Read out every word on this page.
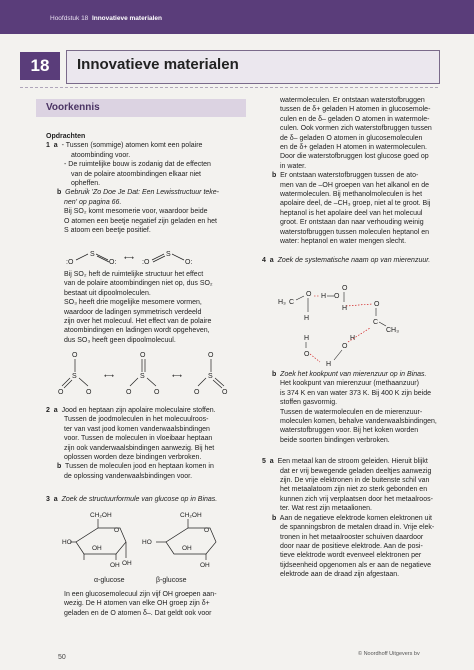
Hoofdstuk 18 Innovatieve materialen
18	Innovatieve materialen
Voorkennis

Opdrachten

1 a - Tussen (sommige) atomen komt een polaire

atoombinding voor.

- De ruimtelijke bouw is zodanig dat de effecten

van de polaire atoombindingen elkaar niet

opheffen.

b Gebruik 'Zo Doe Je Dat: Een Lewisstructuur teke-

nen' op pagina 66.

Bij SO₂ komt mesomerie voor, waardoor beide

O atomen een beetje negatief zijn geladen en het

S atoom een beetje positief.

:O
S
O:
⟷
:O
S
O:

Bij SO₂ heft de ruimtelijke structuur het effect

van de polaire atoombindingen niet op, dus SO₂

bestaat uit dipoolmoleculen.

SO₃ heeft drie mogelijke mesomere vormen,

waardoor de ladingen symmetrisch verdeeld

zijn over het molecuul. Het effect van de polaire

atoombindingen en ladingen wordt opgeheven,

dus SO₃ heeft geen dipoolmolecuul.

O
S
O	O
⟷
O
S
O	O
⟷
O
S
O	O

2 a Jood en heptaan zijn apolaire moleculaire stoffen.

Tussen de joodmoleculen in het molecuulroos-

ter van vast jood komen vanderwaalsbindingen

voor. Tussen de moleculen in vloeibaar heptaan

zijn ook vanderwaalsbindingen aanwezig. Bij het

oplossen worden deze bindingen verbroken.

b Tussen de moleculen jood en heptaan komen in

de oplossing vanderwaalsbindingen voor.

3 a Zoek de structuurformule van glucose op in Binas.

CH₂OH
O
OH
HO
OH
OH
CH₂OH
O
HO
OH
OH
α-glucose	β-glucose

In een glucosemolecuul zijn vijf OH groepen aan-

wezig. De H atomen van elke OH groep zijn δ+

geladen en de O atomen δ–. Dat geldt ook voor

watermoleculen. Er ontstaan waterstofbruggen

tussen de δ+ geladen H atomen in glucosemole-

culen en de δ– geladen O atomen in watermole-

culen. Ook vormen zich waterstofbruggen tussen

de δ– geladen O atomen in glucosemoleculen

en de δ+ geladen H atomen in watermoleculen.

Door die waterstofbruggen lost glucose goed op

in water.

b Er ontstaan waterstofbruggen tussen de ato-

men van de –OH groepen van het alkanol en de

watermoleculen. Bij methanolmoleculen is het

apolaire deel, de –CH₃ groep, niet al te groot. Bij

heptanol is het apolaire deel van het molecuul

groot. Er ontstaan dan naar verhouding weinig

waterstofbruggen tussen moleculen heptanol en

water: heptanol en water mengen slecht.

4 a Zoek de systematische naam op van mierenzuur.

O
H₃ C
O H O
H
H
O
C
CH₃
H
O
H
O
H

b Zoek het kookpunt van mierenzuur op in Binas.

Het kookpunt van mierenzuur (methaanzuur)

is 374 K en van water 373 K. Bij 400 K zijn beide

stoffen gasvormig.

Tussen de watermoleculen en de mierenzuur-

moleculen komen, behalve vanderwaalsbindingen,

waterstofbruggen voor. Bij het koken worden

beide soorten bindingen verbroken.

5 a Een metaal kan de stroom geleiden. Hieruit blijkt

dat er vrij bewegende geladen deeltjes aanwezig

zijn. De vrije elektronen in de buitenste schil van

het metaalatoom zijn niet zo sterk gebonden en

kunnen zich vrij verplaatsen door het metaalroos-

ter. Wat rest zijn metaalionen.

b Aan de negatieve elektrode komen elektronen uit

de spanningsbron de metalen draad in. Vrije elek-

tronen in het metaalrooster schuiven daardoor

door naar de positieve elektrode. Aan de posi-

tieve elektrode wordt evenveel elektronen per

tijdseenheid opgenomen als er aan de negatieve

elektrode aan de draad zijn afgestaan.

50	© Noordhoff Uitgevers bv
